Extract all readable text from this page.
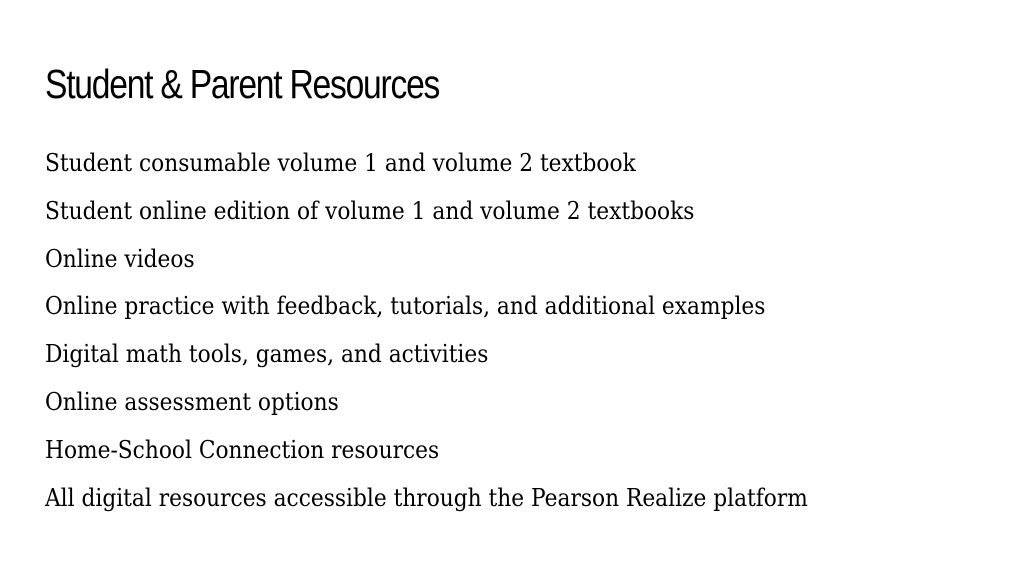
Student & Parent Resources
Student consumable volume 1 and volume 2 textbook
Student online edition of volume 1 and volume 2 textbooks
Online videos
Online practice with feedback, tutorials, and additional examples
Digital math tools, games, and activities
Online assessment options
Home-School Connection resources
All digital resources accessible through the Pearson Realize platform
